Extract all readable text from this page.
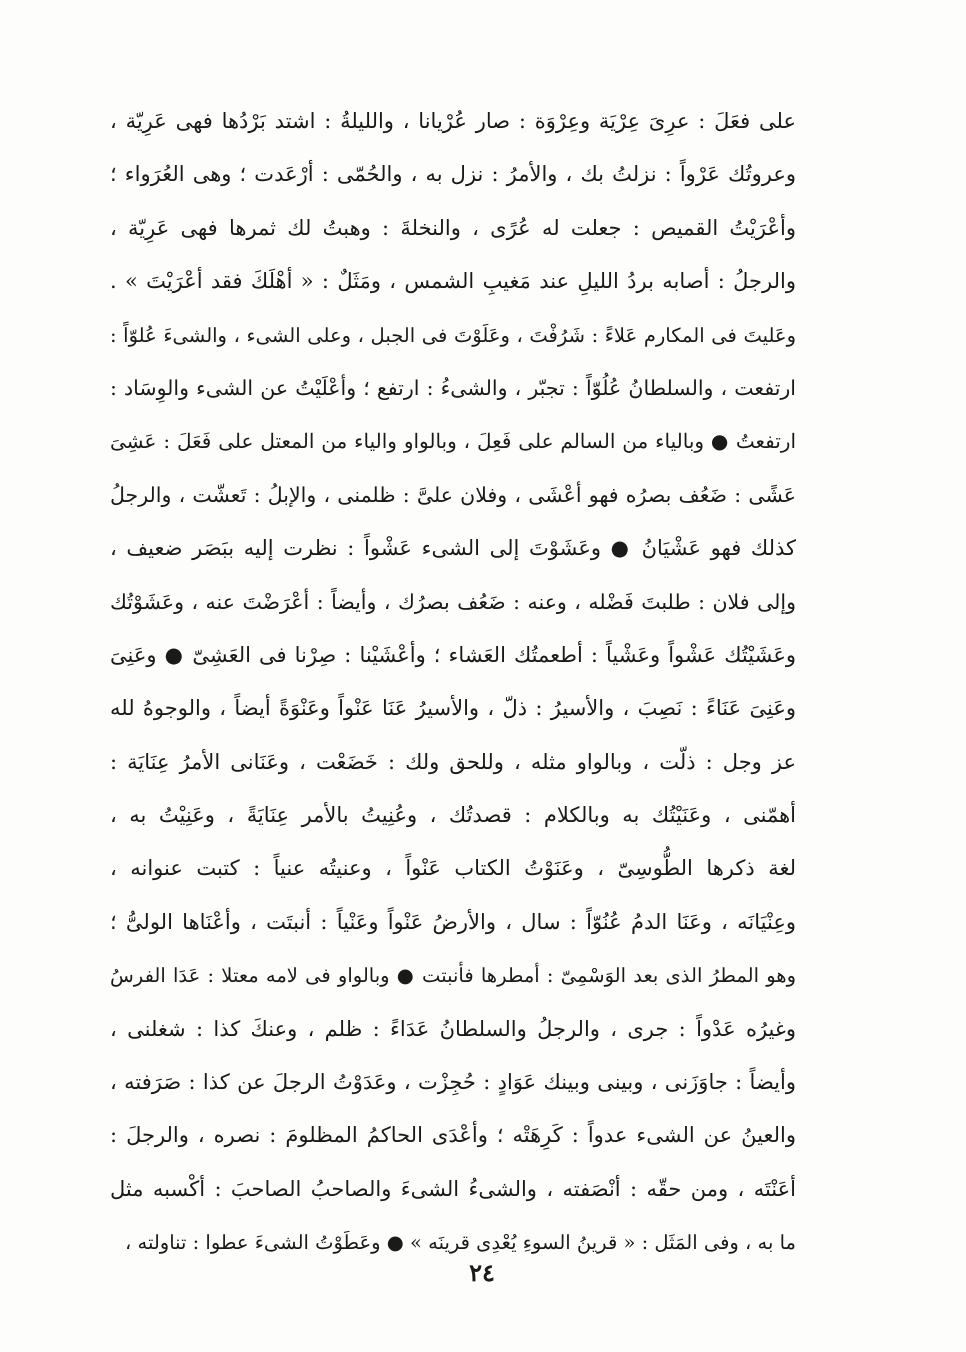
على فعَلَ : عرِىَ عِرْيَة وعِرْوَة : صار عُرْيانا ، والليلةُ : اشتد بَرْدُها فهى عَرِيّة ،
وعروتُك عَرْواً : نزلتُ بك ، والأمرُ : نزل به ، والحُمّى : أرْعَدت ؛ وهى العُرَواء ؛
وأعْرَيْتُ القميص : جعلت له عُرًى ، والنخلةَ : وهبتُ لك ثمرها فهى عَرِيّة ،
والرجلُ : أصابه بردُ الليلِ عند مَغيبِ الشمس ، ومَثَلٌ : « أهْلَكَ فقد أعْرَيْتَ » .
وعَليتَ فى المكارم عَلاءً : شَرُفْتَ ، وعَلَوْتَ فى الجبل ، وعلى الشىء ، والشىءَ عُلوّاً :
ارتفعت ، والسلطانُ عُلُوّاً : تجبّر ، والشىءُ : ارتفع ؛ وأعْلَيْتُ عن الشىء والوِسَاد :
ارتفعتُ ● وبالياء من السالم على فَعِلَ ، وبالواو والياء من المعتل على فَعَلَ : عَشِىَ
عَشًى : ضَعُف بصرُه فهو أعْشَى ، وفلان علىَّ : ظلمنى ، والإبلُ : تَعشّت ، والرجلُ
كذلك فهو عَشْيَانُ ● وعَشَوْتَ إلى الشىء عَشْواً : نظرت إليه ببَصَر ضعيف ،
وإلى فلان : طلبتَ فَضْله ، وعنه : ضَعُف بصرُك ، وأيضاً : أعْرَضْتَ عنه ، وعَشَوْتُك
وعَشَيْتُك عَشْواً وعَشْياً : أطعمتُك العَشاء ؛ وأعْشَيْنا : صِرْنا فى العَشِىّ ● وعَنِىَ
وعَنِىَ عَنَاءً : نَصِبَ ، والأسيرُ : ذلّ ، والأسيرُ عَنَا عَنْواً وعَنْوَةً أيضاً ، والوجوهُ لله
عز وجل : ذلّت ، وبالواو مثله ، وللحق ولك : خَضَعْت ، وعَنَانى الأمرُ عِنَايَة :
أهمّنى ، وعَنَيْتُك به وبالكلام : قصدتُك ، وعُنِيتُ بالأمر عِنَايَةً ، وعَنِيْتُ به ،
لغة ذكرها الطُّوسِىّ ، وعَنَوْتُ الكتاب عَنْواً ، وعنيتُه عنياً : كتبت عنوانه ،
وعِنْيَانَه ، وعَنَا الدمُ عُنُوّاً : سال ، والأرضُ عَنْواً وعَنْياً : أنبتَت ، وأعْنَاها الولىُّ ؛
وهو المطرُ الذى بعد الوَسْمِىّ : أمطرها فأنبتت ● وبالواو فى لامه معتلا : عَدَا الفرسُ
وغيرُه عَدْواً : جرى ، والرجلُ والسلطانُ عَدَاءً : ظلم ، وعنكَ كذا : شغلنى ،
وأيضاً : جاوَزَنى ، وبينى وبينك عَوَادٍ : حُجِزْت ، وعَدَوْتُ الرجلَ عن كذا : صَرَفته ،
والعينُ عن الشىء عدواً : كَرِهَتْه ؛ وأعْدَى الحاكمُ المظلومَ : نصره ، والرجلَ :
أعَنْتَه ، ومن حقّه : أنْصَفته ، والشىءُ الشىءَ والصاحبُ الصاحبَ : أكْسبه مثل
ما به ، وفى المَثَل : « قرينُ السوءِ يُعْدِى قرينَه » ● وعَطَوْتُ الشىءَ عطوا : تناولته ،
٢٤
